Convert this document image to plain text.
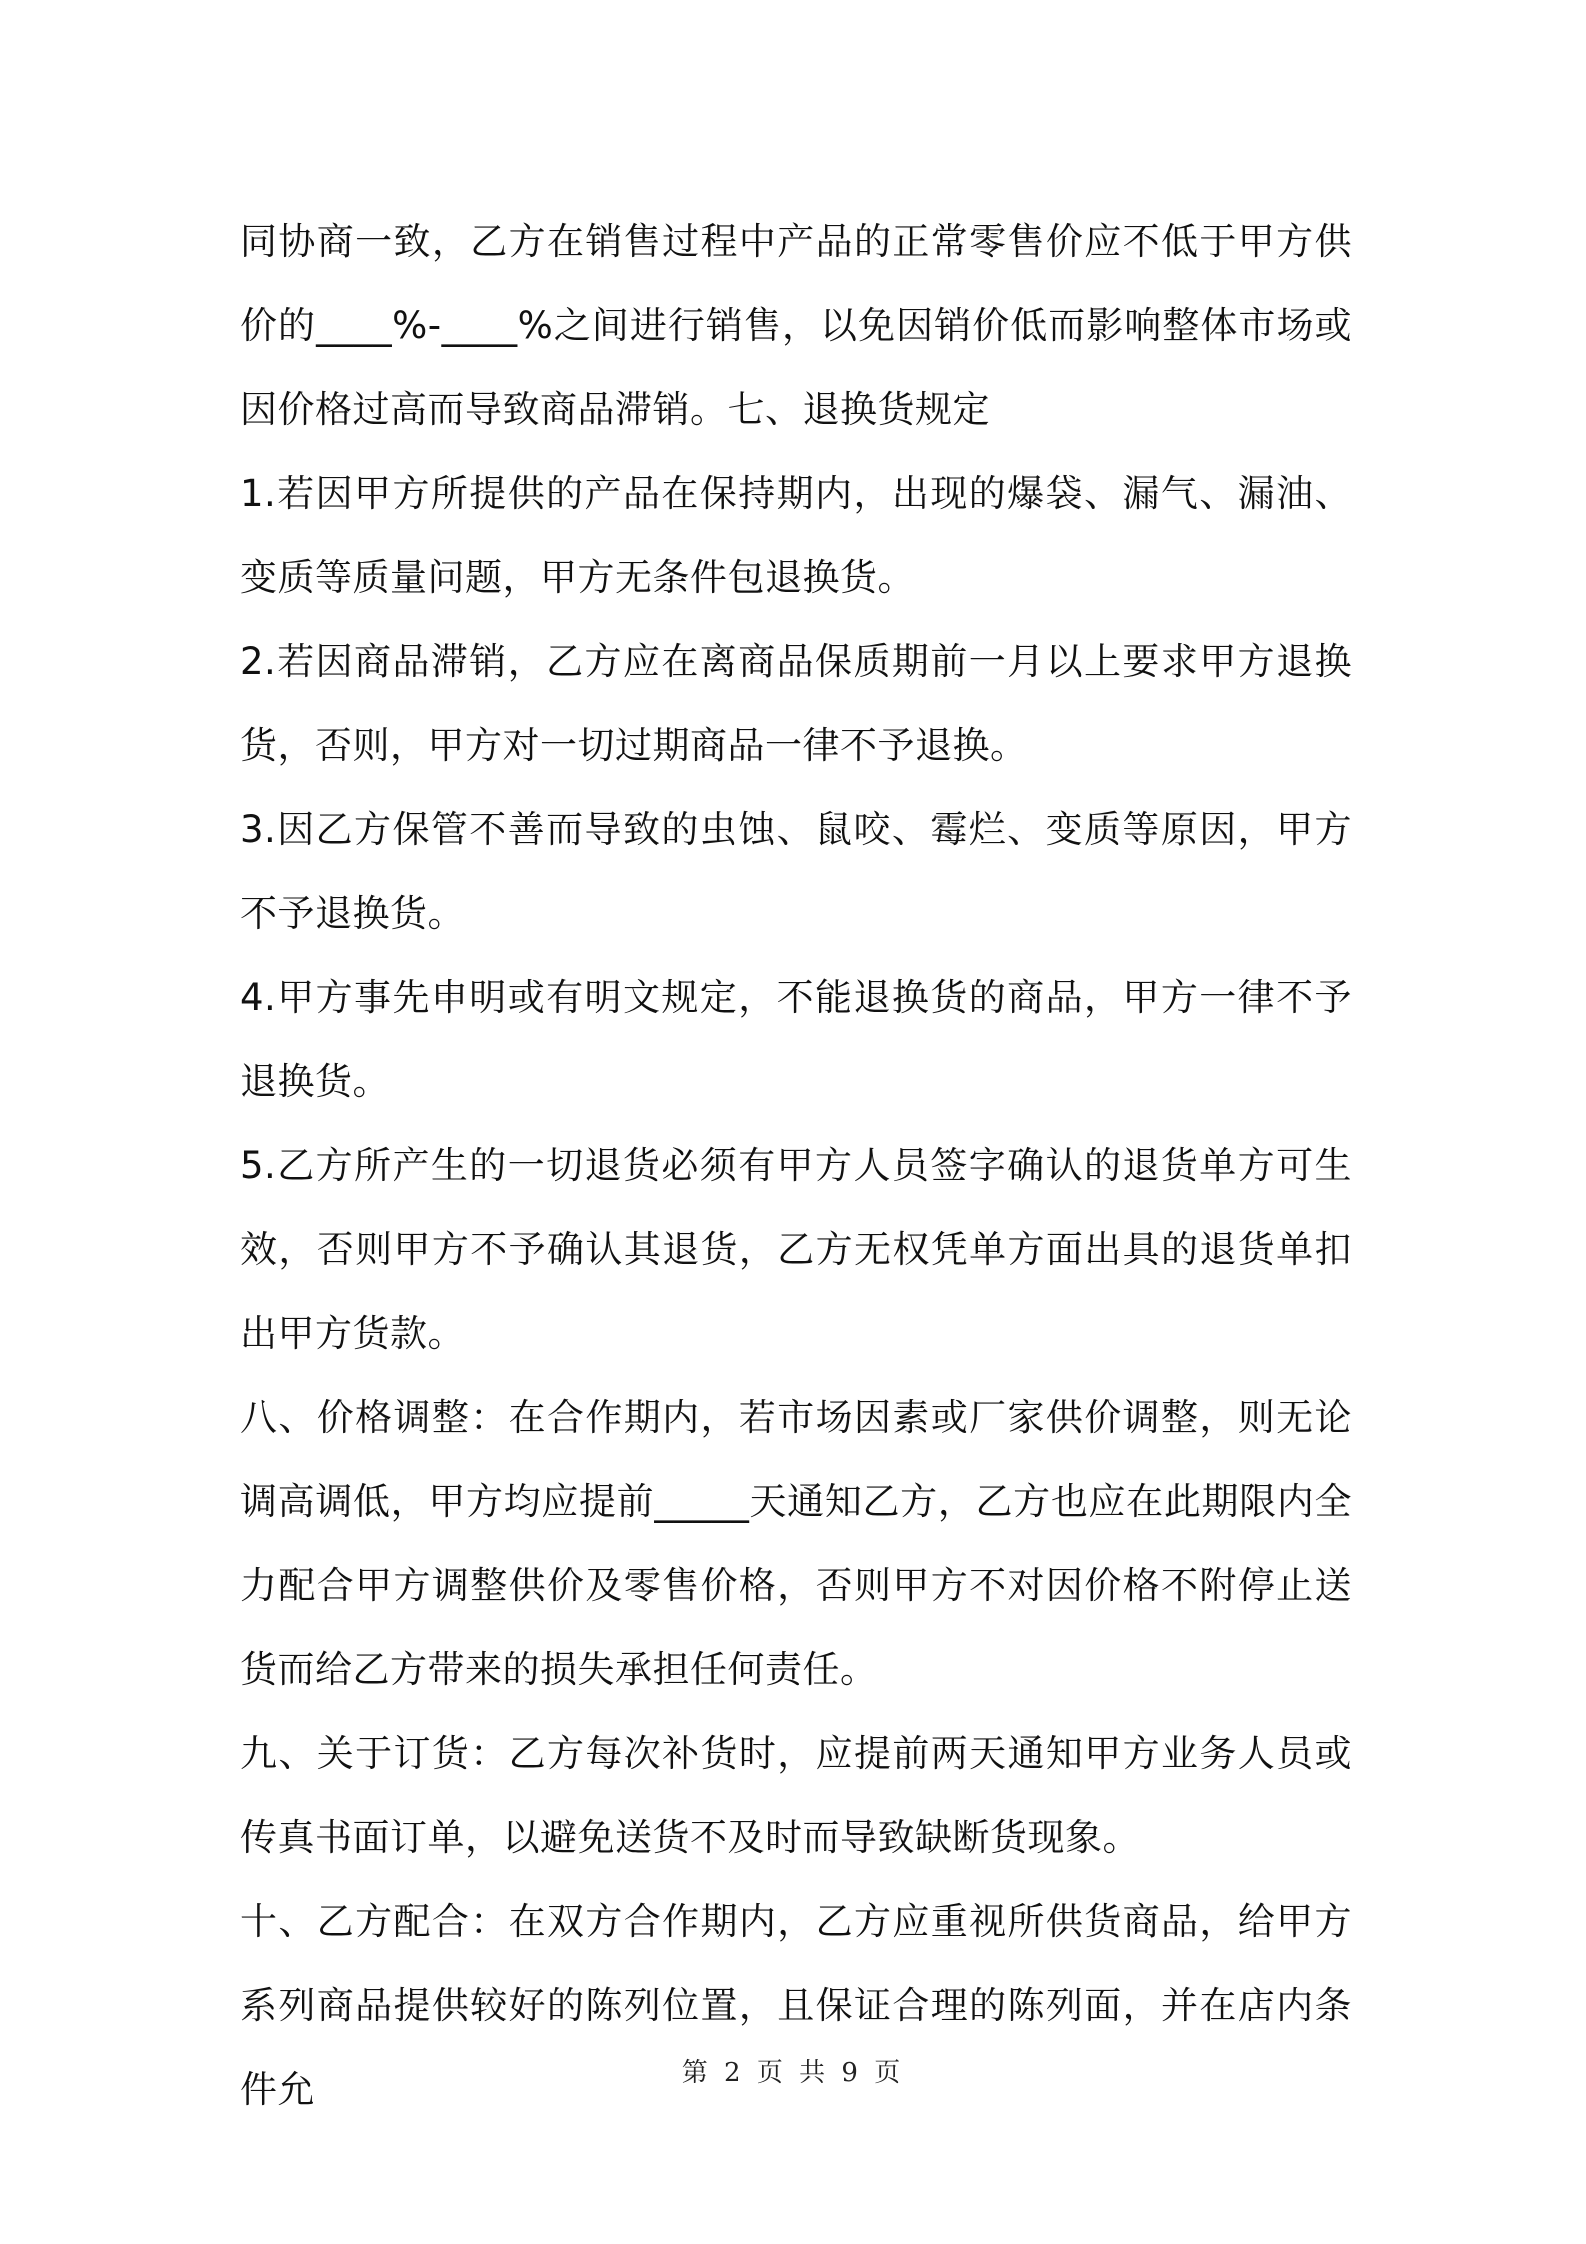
同协商一致，乙方在销售过程中产品的正常零售价应不低于甲方供价的____%-____%之间进行销售，以免因销价低而影响整体市场或因价格过高而导致商品滞销。七、退换货规定

1.若因甲方所提供的产品在保持期内，出现的爆袋、漏气、漏油、变质等质量问题，甲方无条件包退换货。

2.若因商品滞销，乙方应在离商品保质期前一月以上要求甲方退换货，否则，甲方对一切过期商品一律不予退换。

3.因乙方保管不善而导致的虫蚀、鼠咬、霉烂、变质等原因，甲方不予退换货。

4.甲方事先申明或有明文规定，不能退换货的商品，甲方一律不予退换货。

5.乙方所产生的一切退货必须有甲方人员签字确认的退货单方可生效，否则甲方不予确认其退货，乙方无权凭单方面出具的退货单扣出甲方货款。

八、价格调整：在合作期内，若市场因素或厂家供价调整，则无论调高调低，甲方均应提前_____天通知乙方，乙方也应在此期限内全力配合甲方调整供价及零售价格，否则甲方不对因价格不附停止送货而给乙方带来的损失承担任何责任。

九、关于订货：乙方每次补货时，应提前两天通知甲方业务人员或传真书面订单，以避免送货不及时而导致缺断货现象。

十、乙方配合：在双方合作期内，乙方应重视所供货商品，给甲方系列商品提供较好的陈列位置，且保证合理的陈列面，并在店内条件允	第 2 页 共 9 页
